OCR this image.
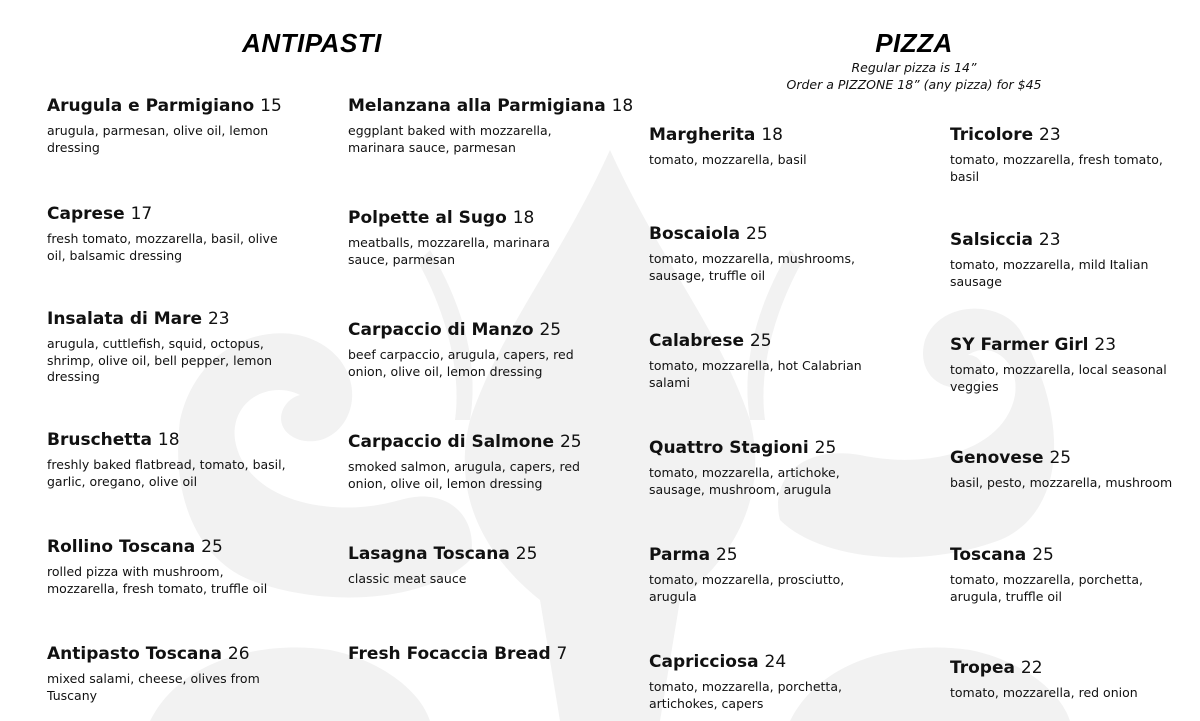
ANTIPASTI	PIZZA

Regular pizza is 14”

Order a PIZZONE 18” (any pizza) for $45

Arugula e Parmigiano 15

arugula, parmesan, olive oil, lemon dressing

Caprese 17

fresh tomato, mozzarella, basil, olive oil, balsamic dressing

Insalata di Mare 23

arugula, cuttlefish, squid, octopus, shrimp, olive oil, bell pepper, lemon dressing

Bruschetta 18

freshly baked flatbread, tomato, basil, garlic, oregano, olive oil

Rollino Toscana 25

rolled pizza with mushroom, mozzarella, fresh tomato, truffle oil

Antipasto Toscana 26

mixed salami, cheese, olives from Tuscany

Melanzana alla Parmigiana 18

eggplant baked with mozzarella, marinara sauce, parmesan

Polpette al Sugo 18

meatballs, mozzarella, marinara sauce, parmesan

Carpaccio di Manzo 25

beef carpaccio, arugula, capers, red onion, olive oil, lemon dressing

Carpaccio di Salmone 25

smoked salmon, arugula, capers, red onion, olive oil, lemon dressing

Lasagna Toscana 25

classic meat sauce

Fresh Focaccia Bread 7
Margherita 18

tomato, mozzarella, basil

Boscaiola 25

tomato, mozzarella, mushrooms, sausage, truffle oil

Calabrese 25

tomato, mozzarella, hot Calabrian salami

Quattro Stagioni 25

tomato, mozzarella, artichoke, sausage, mushroom, arugula

Parma 25

tomato, mozzarella, prosciutto, arugula

Capricciosa 24

tomato, mozzarella, porchetta, artichokes, capers

Tricolore 23

tomato, mozzarella, fresh tomato, basil

Salsiccia 23

tomato, mozzarella, mild Italian sausage

SY Farmer Girl 23

tomato, mozzarella, local seasonal veggies

Genovese 25

basil, pesto, mozzarella, mushroom

Toscana 25

tomato, mozzarella, porchetta, arugula, truffle oil

Tropea 22

tomato, mozzarella, red onion
